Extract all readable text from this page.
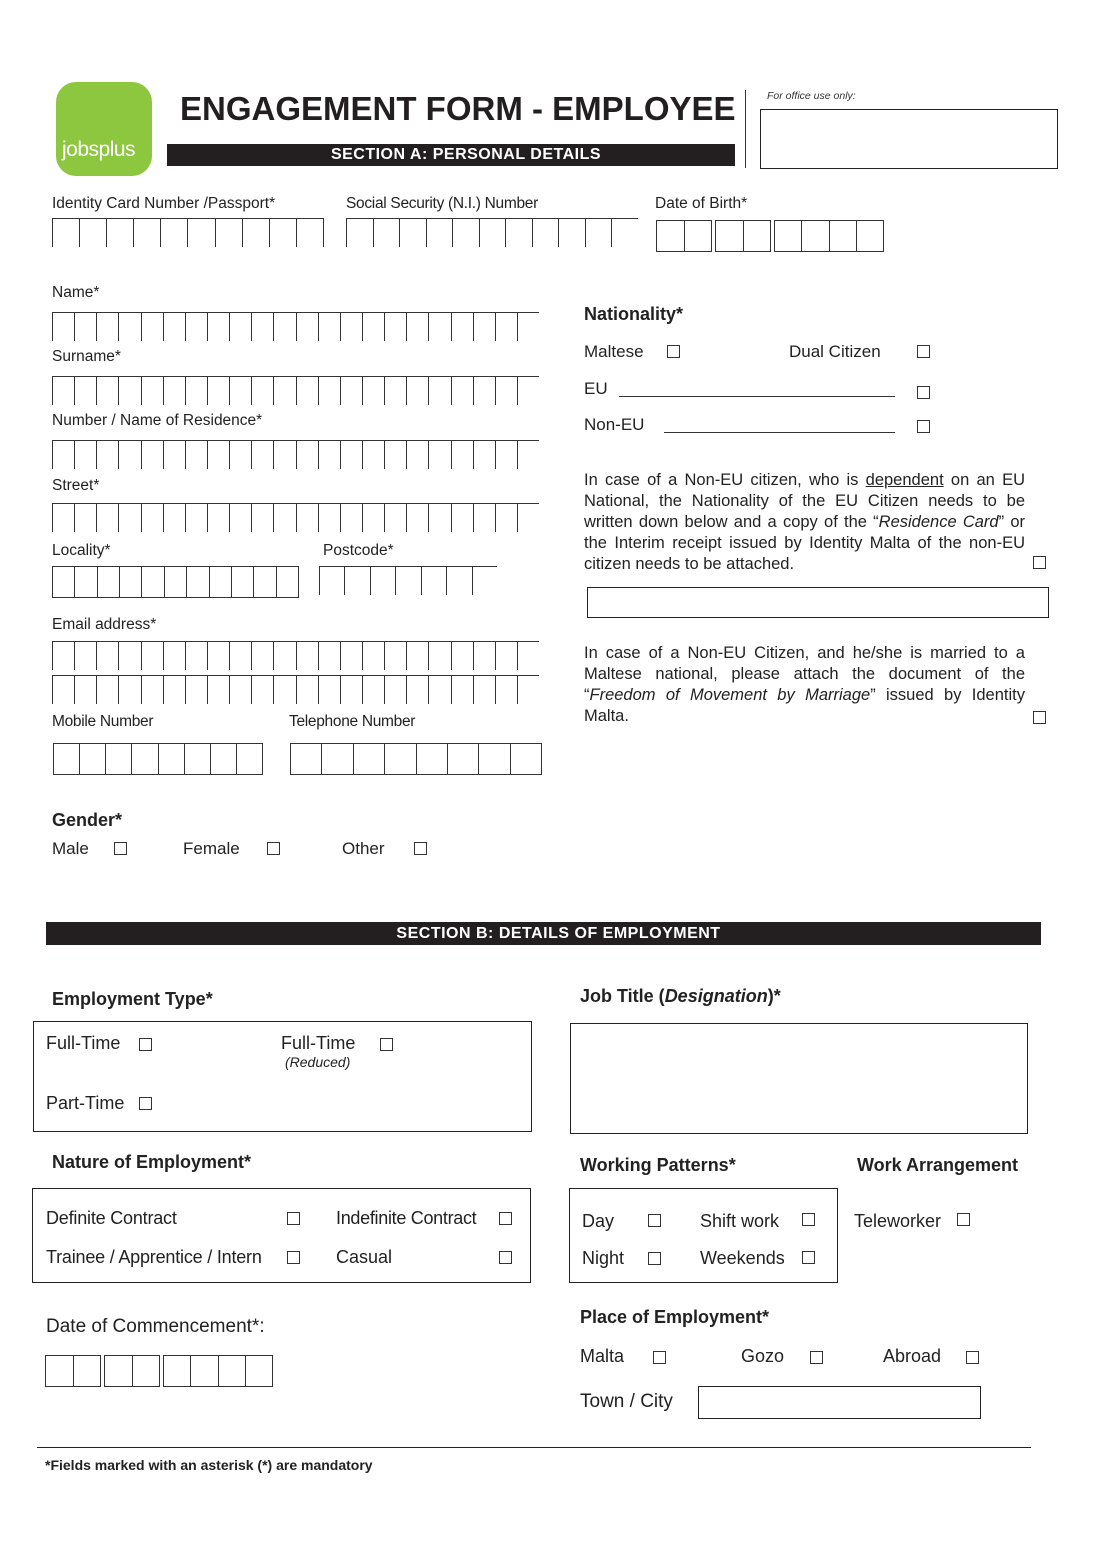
jobsplus
ENGAGEMENT FORM - EMPLOYEE
SECTION A: PERSONAL DETAILS
For office use only:
Identity Card Number /Passport*	Social Security (N.I.) Number	Date of Birth*
Name*
Surname*
Number / Name of Residence*
Street*
Locality*	Postcode*
Email address*
Mobile Number	Telephone Number
Gender*
Male	Female	Other
Nationality*
Maltese	Dual Citizen
EU
Non-EU
In case of a Non-EU citizen, who is dependent on an EU National, the Nationality of the EU Citizen needs to be written down below and a copy of the “Residence Card” or the Interim receipt issued by Identity Malta of the non-EU citizen needs to be attached.
In case of a Non-EU Citizen, and he/she is married to a Maltese national, please attach the document of the “Freedom of Movement by Marriage” issued by Identity Malta.
SECTION B: DETAILS OF EMPLOYMENT
Employment Type*
Full-Time	Full-Time
(Reduced)
Part-Time
Job Title (Designation)*
Nature of Employment*
Definite Contract	Indefinite Contract
Trainee / Apprentice / Intern	Casual
Working Patterns*
Day	Shift work
Night	Weekends
Work Arrangement
Teleworker
Date of Commencement*:	Place of Employment*
Malta	Gozo	Abroad
Town / City
*Fields marked with an asterisk (*) are mandatory
